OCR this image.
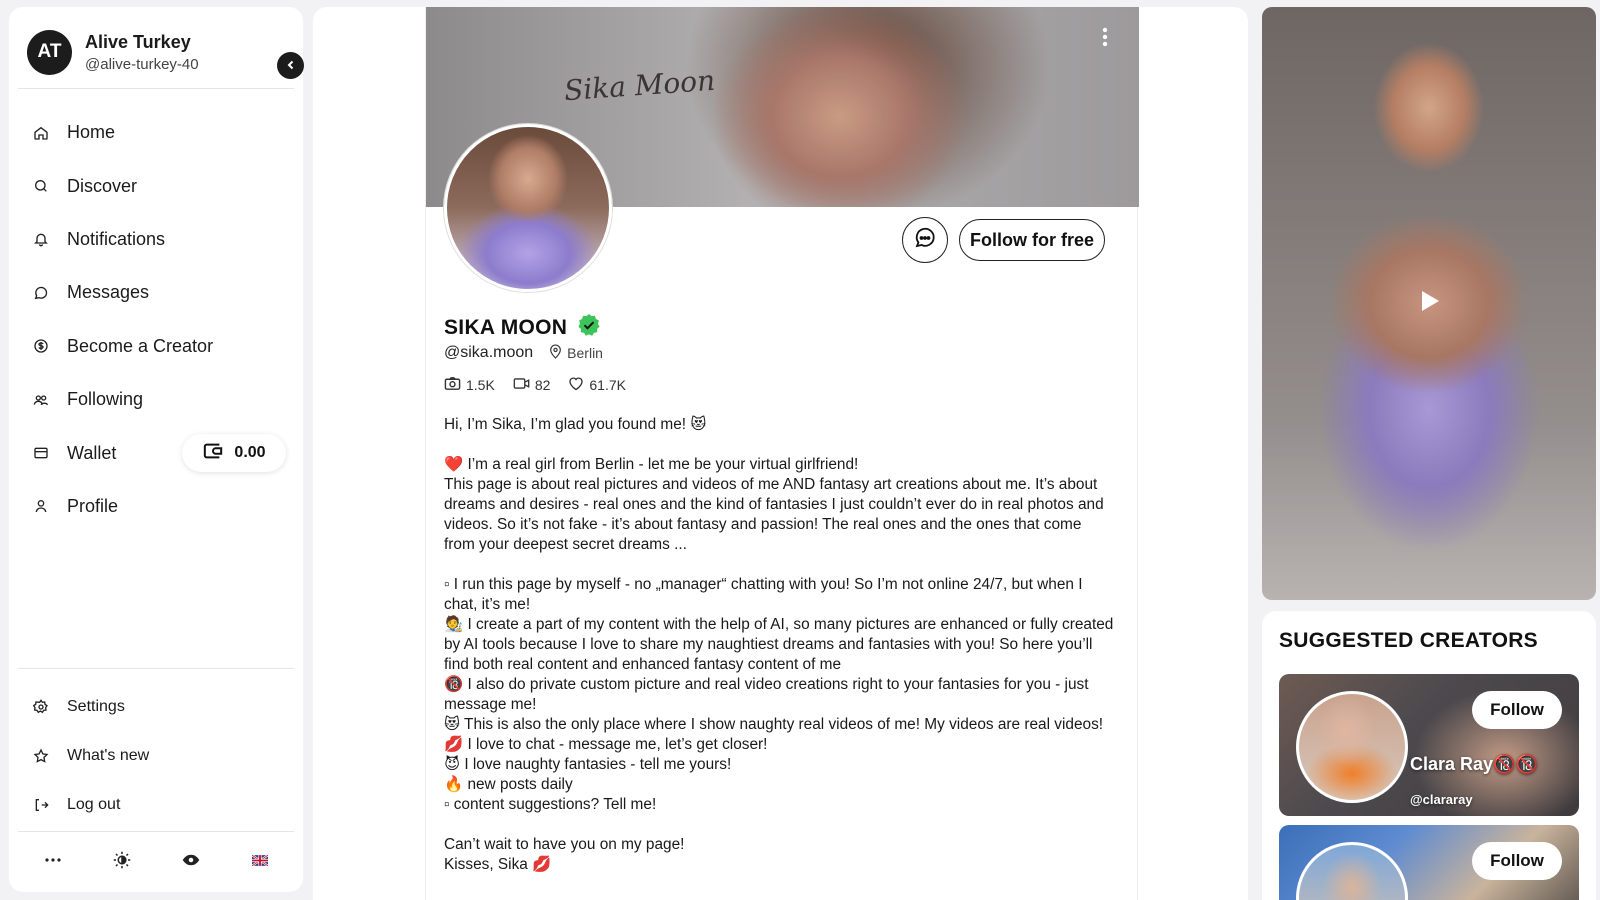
AT	Alive Turkey
@alive-turkey-40
Home
Discover
Notifications
Messages
Become a Creator
Following
Wallet	0.00
Profile
Settings
What's new
Log out
Sika Moon
Follow for free
SIKA MOON
@sika.moon Berlin
1.5K	82	61.7K

Hi, I’m Sika, I’m glad you found me! 😻

❤️ I’m a real girl from Berlin - let me be your virtual girlfriend!

This page is about real pictures and videos of me AND fantasy art creations about me. It’s about dreams and desires - real ones and the kind of fantasies I just couldn’t ever do in real photos and videos. So it’s not fake - it’s about fantasy and passion! The real ones and the ones that come from your deepest secret dreams ...

▫ I run this page by myself - no „manager“ chatting with you! So I’m not online 24/7, but when I chat, it’s me!

🧑‍🎨 I create a part of my content with the help of AI, so many pictures are enhanced or fully created by AI tools because I love to share my naughtiest dreams and fantasies with you! So here you’ll find both real content and enhanced fantasy content of me

🔞 I also do private custom picture and real video creations right to your fantasies for you - just message me!

😻 This is also the only place where I show naughty real videos of me! My videos are real videos!

💋 I love to chat - message me, let’s get closer!

😈 I love naughty fantasies - tell me yours!

🔥 new posts daily

▫ content suggestions? Tell me!

Can’t wait to have you on my page!

Kisses, Sika 💋

SUGGESTED CREATORS
Follow
Clara Ray🔞🔞
@clararay
Follow
